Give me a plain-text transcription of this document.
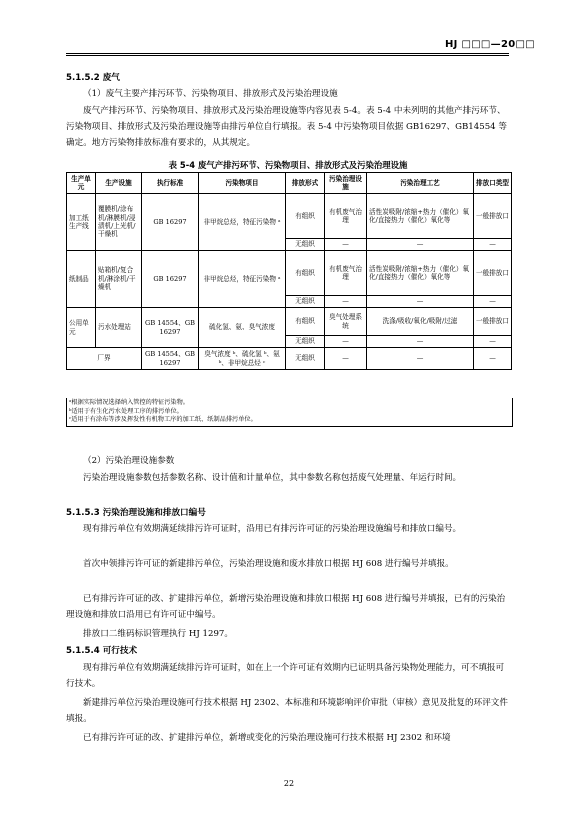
HJ □□□—20□□
5.1.5.2 废气
（1）废气主要产排污环节、污染物项目、排放形式及污染治理设施
废气产排污环节、污染物项目、排放形式及污染治理设施等内容见表 5-4。表 5-4 中未列明的其他产排污环节、污染物项目、排放形式及污染治理设施等由排污单位自行填报。表 5-4 中污染物项目依据 GB16297、GB14554 等确定。地方污染物排放标准有要求的，从其规定。
表 5-4 废气产排污环节、污染物项目、排放形式及污染治理设施
生产单元	生产设施	执行标准	污染物项目	排放形式	污染治理设施	污染治理工艺	排放口类型
加工纸生产线	覆膜机/涂布机/淋膜机/浸渍机/上光机/干燥机	GB 16297	非甲烷总烃，特征污染物 ᵃ	有组织	有机废气治理	活性炭吸附/浓缩+热力（催化）氧化/直接热力（催化）氧化等	一般排放口
				无组织	—	—	—
纸制品	贴箱机/复合机/淋涂机/干燥机	GB 16297	非甲烷总烃，特征污染物 ᵃ	有组织	有机废气治理	活性炭吸附/浓缩+热力（催化）氧化/直接热力（催化）氧化等	一般排放口
				无组织	—	—	—
公用单元	污水处理站	GB 14554、GB 16297	硫化氢、氨、臭气浓度	有组织	臭气处理系统	洗涤/吸收/氧化/吸附/过滤	一般排放口
				无组织	—	—	—
厂界		GB 14554、GB 16297	臭气浓度 ᵇ、硫化氢 ᵇ、氨 ᵇ、非甲烷总烃 ᶜ	无组织	—	—	—
ᵃ根据实际情况选择纳入管控的特征污染物。
ᵇ适用于有生化污水处理工序的排污单位。
ᶜ适用于有涂布等涉及挥发性有机物工序的加工纸、纸制品排污单位。
（2）污染治理设施参数
污染治理设施参数包括参数名称、设计值和计量单位，其中参数名称包括废气处理量、年运行时间。
5.1.5.3 污染治理设施和排放口编号
现有排污单位有效期满延续排污许可证时，沿用已有排污许可证的污染治理设施编号和排放口编号。
首次申领排污许可证的新建排污单位，污染治理设施和废水排放口根据 HJ 608 进行编号并填报。
已有排污许可证的改、扩建排污单位，新增污染治理设施和排放口根据 HJ 608 进行编号并填报，已有的污染治理设施和排放口沿用已有许可证中编号。
排放口二维码标识管理执行 HJ 1297。
5.1.5.4 可行技术
现有排污单位有效期满延续排污许可证时，如在上一个许可证有效期内已证明具备污染物处理能力，可不填报可行技术。
新建排污单位污染治理设施可行技术根据 HJ 2302、本标准和环境影响评价审批（审核）意见及批复的环评文件填报。
已有排污许可证的改、扩建排污单位，新增或变化的污染治理设施可行技术根据 HJ 2302 和环境
22
